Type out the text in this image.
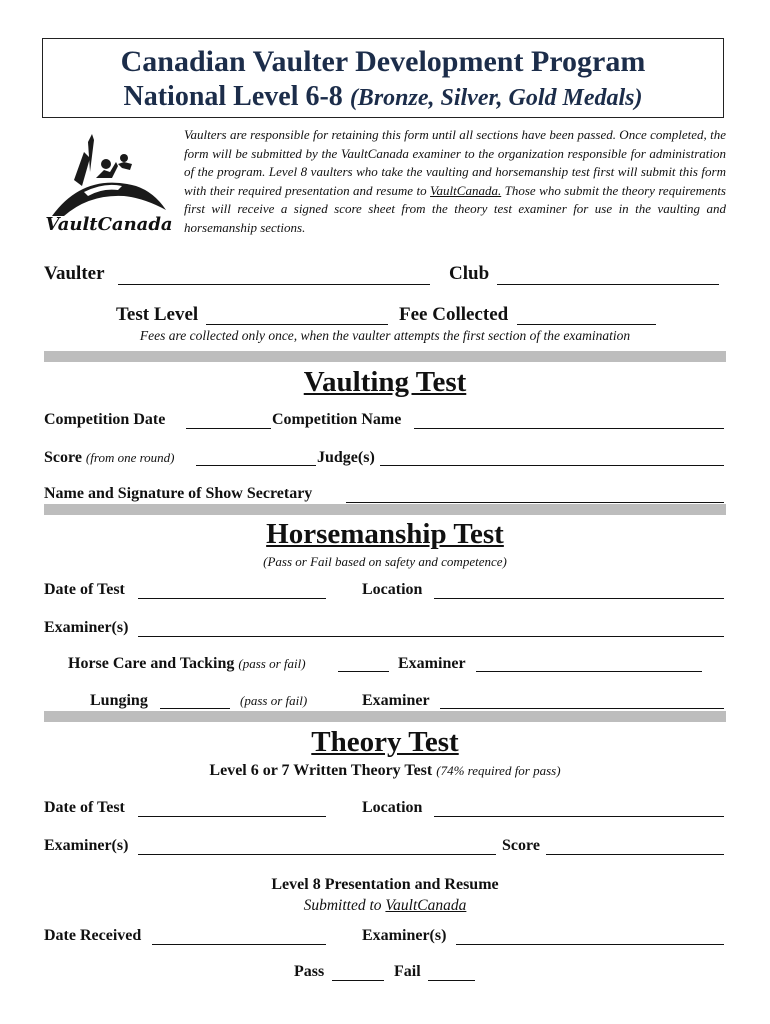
Canadian Vaulter Development Program
National Level 6-8 (Bronze, Silver, Gold Medals)
VaultCanada
Vaulters are responsible for retaining this form until all sections have been passed. Once completed, the form will be submitted by the VaultCanada examiner to the organization responsible for administration of the program. Level 8 vaulters who take the vaulting and horsemanship test first will submit this form with their required presentation and resume to VaultCanada. Those who submit the theory requirements first will receive a signed score sheet from the theory test examiner for use in the vaulting and horsemanship sections.
Vaulter	Club
Test Level	Fee Collected
Fees are collected only once, when the vaulter attempts the first section of the examination
Vaulting Test
Competition Date	Competition Name
Score (from one round)	Judge(s)
Name and Signature of Show Secretary
Horsemanship Test
(Pass or Fail based on safety and competence)
Date of Test	Location
Examiner(s)
Horse Care and Tacking (pass or fail)	Examiner
Lunging	(pass or fail)	Examiner
Theory Test
Level 6 or 7 Written Theory Test (74% required for pass)
Date of Test	Location
Examiner(s)	Score
Level 8 Presentation and Resume
Submitted to VaultCanada
Date Received	Examiner(s)
Pass	Fail
